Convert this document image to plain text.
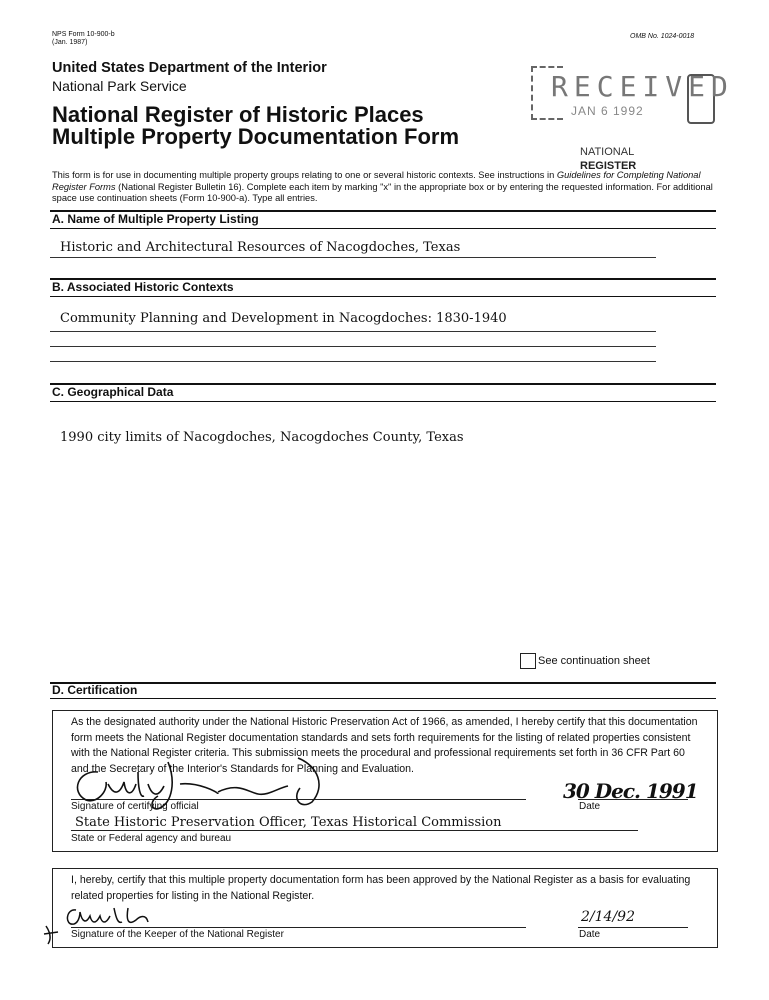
NPS Form 10-900-b
(Jan. 1987)
OMB No. 1024-0018
United States Department of the Interior
National Park Service
National Register of Historic Places
Multiple Property Documentation Form
RECEIVED
JAN 6 1992
NATIONAL
REGISTER
This form is for use in documenting multiple property groups relating to one or several historic contexts. See instructions in Guidelines for Completing National Register Forms (National Register Bulletin 16). Complete each item by marking "x" in the appropriate box or by entering the requested information. For additional space use continuation sheets (Form 10-900-a). Type all entries.
A. Name of Multiple Property Listing
Historic and Architectural Resources of Nacogdoches, Texas
B. Associated Historic Contexts
Community Planning and Development in Nacogdoches: 1830-1940
C. Geographical Data
1990 city limits of Nacogdoches, Nacogdoches County, Texas
See continuation sheet
D. Certification
As the designated authority under the National Historic Preservation Act of 1966, as amended, I hereby certify that this documentation form meets the National Register documentation standards and sets forth requirements for the listing of related properties consistent with the National Register criteria. This submission meets the procedural and professional requirements set forth in 36 CFR Part 60 and the Secretary of the Interior's Standards for Planning and Evaluation.
Signature of certifying official	Date
30 Dec. 1991
State Historic Preservation Officer, Texas Historical Commission
State or Federal agency and bureau
I, hereby, certify that this multiple property documentation form has been approved by the National Register as a basis for evaluating related properties for listing in the National Register.
Signature of the Keeper of the National Register	Date
2/14/92
